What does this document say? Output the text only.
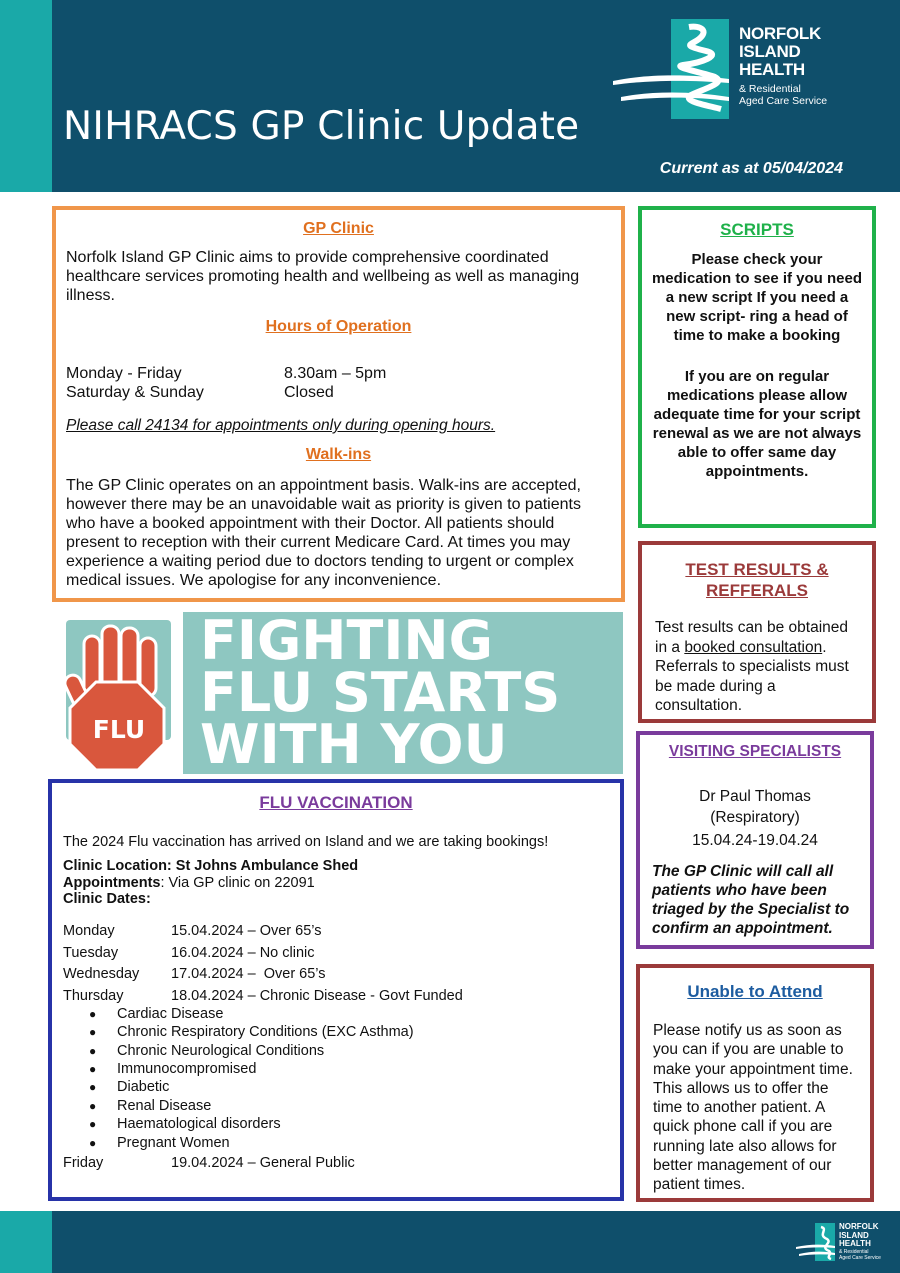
NIHRACS GP Clinic Update
Current as at 05/04/2024
NORFOLK
ISLAND
HEALTH
& Residential
Aged Care Service
GP Clinic
Norfolk Island GP Clinic aims to provide comprehensive coordinated healthcare services promoting health and wellbeing as well as managing illness.
Hours of Operation
Monday - Friday	8.30am – 5pm
Saturday & Sunday	Closed
Please call 24134 for appointments only during opening hours.
Walk-ins
The GP Clinic operates on an appointment basis. Walk-ins are accepted, however there may be an unavoidable wait as priority is given to patients who have a booked appointment with their Doctor. All patients should present to reception with their current Medicare Card. At times you may experience a waiting period due to doctors tending to urgent or complex medical issues. We apologise for any inconvenience.
SCRIPTS
Please check your medication to see if you need a new script If you need a new script- ring a head of time to make a booking
If you are on regular medications please allow adequate time for your script renewal as we are not always able to offer same day appointments.
TEST RESULTS &
REFFERALS
Test results can be obtained in a booked consultation. Referrals to specialists must be made during a consultation.
VISITING SPECIALISTS
Dr Paul Thomas
(Respiratory)
15.04.24-19.04.24
The GP Clinic will call all patients who have been triaged by the Specialist to confirm an appointment.
Unable to Attend
Please notify us as soon as you can if you are unable to make your appointment time. This allows us to offer the time to another patient. A quick phone call if you are running late also allows for better management of our patient times.
FLU
FIGHTING
FLU STARTS
WITH YOU
FLU VACCINATION
The 2024 Flu vaccination has arrived on Island and we are taking bookings!
Clinic Location: St Johns Ambulance Shed
Appointments: Via GP clinic on 22091
Clinic Dates:
Monday	15.04.2024 – Over 65’s
Tuesday	16.04.2024 – No clinic
Wednesday	17.04.2024 – Over 65’s
Thursday	18.04.2024 – Chronic Disease - Govt Funded
●	Cardiac Disease
●	Chronic Respiratory Conditions (EXC Asthma)
●	Chronic Neurological Conditions
●	Immunocompromised
●	Diabetic
●	Renal Disease
●	Haematological disorders
●	Pregnant Women
Friday	19.04.2024 – General Public
NORFOLK
ISLAND
HEALTH
& Residential
Aged Care Service
